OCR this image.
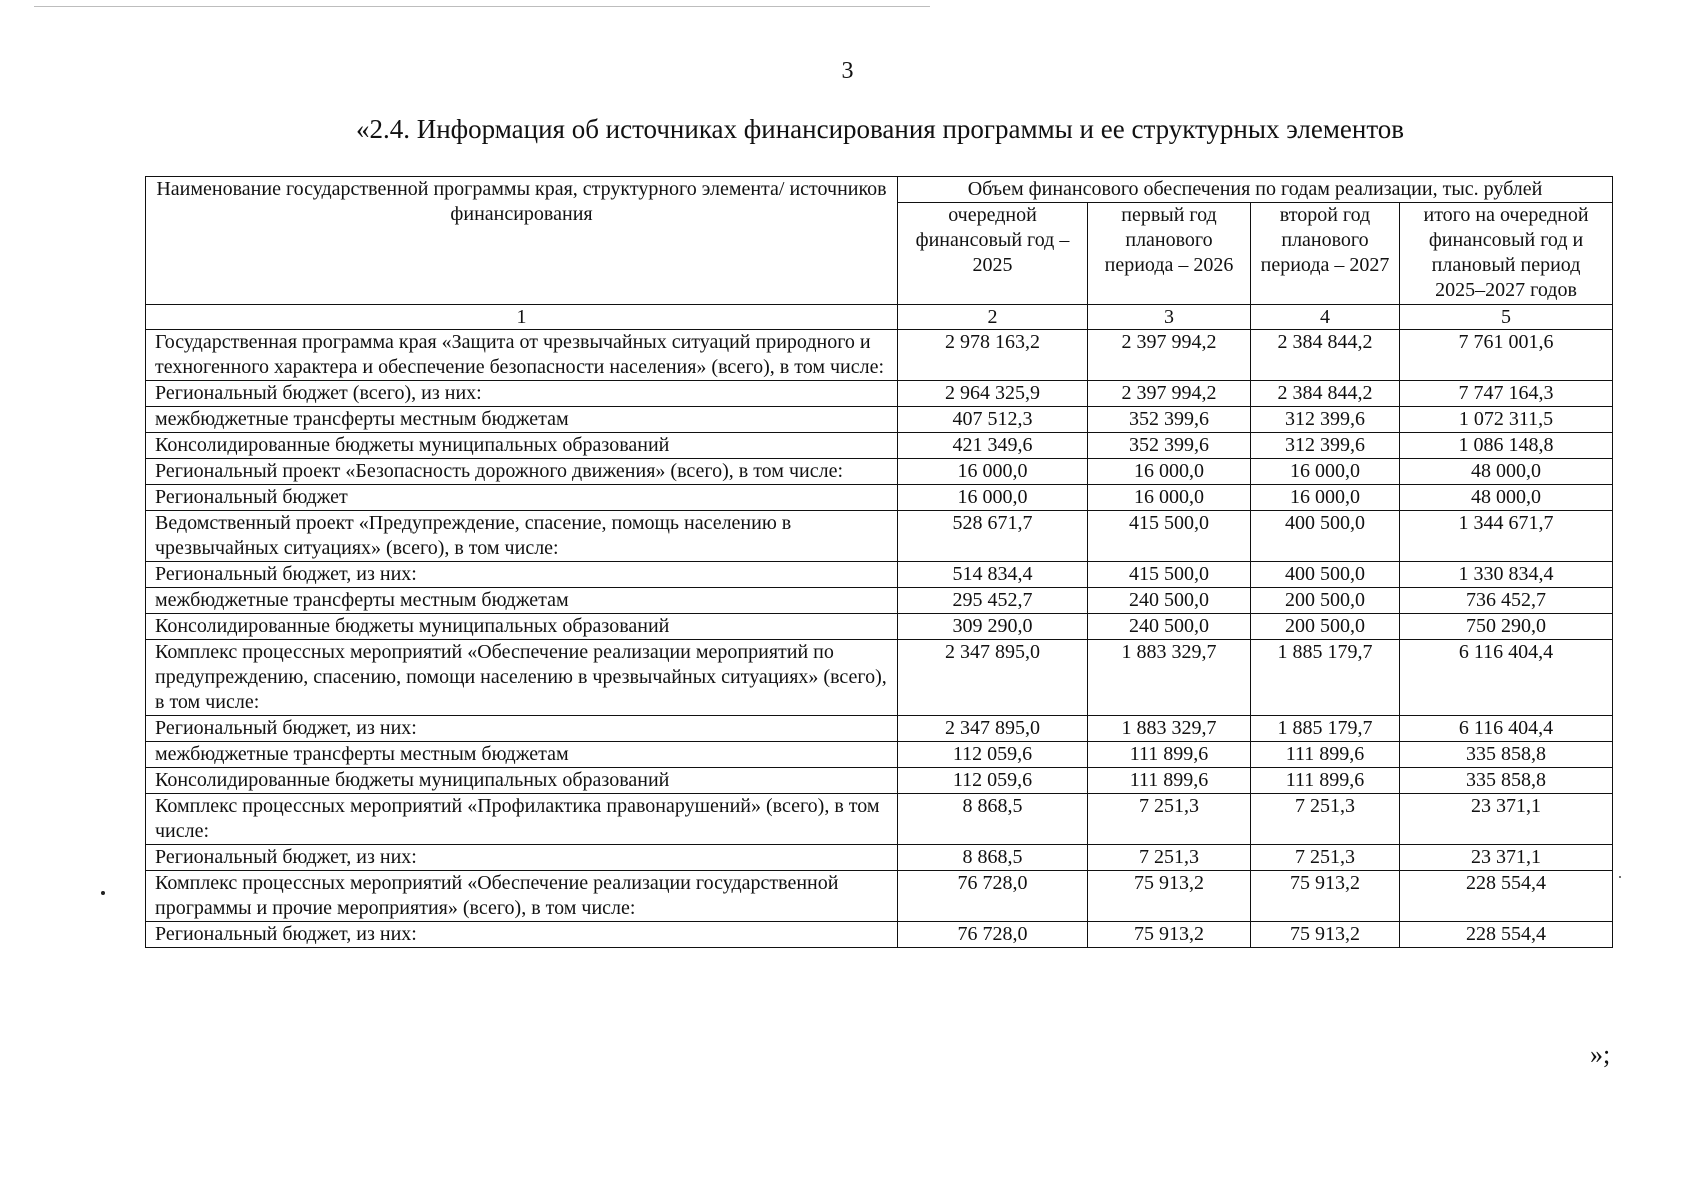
3
«2.4. Информация об источниках финансирования программы и ее структурных элементов
Наименование государственной программы края, структурного элемента/ источников финансирования	Объем финансового обеспечения по годам реализации, тыс. рублей			
	очередной финансовый год – 2025	первый год планового периода – 2026	второй год планового периода – 2027	итого на очередной финансовый год и плановый период 2025–2027 годов
1	2	3	4	5
Государственная программа края «Защита от чрезвычайных ситуаций природного и техногенного характера и обеспечение безопасности населения» (всего), в том числе:	2 978 163,2	2 397 994,2	2 384 844,2	7 761 001,6
Региональный бюджет (всего), из них:	2 964 325,9	2 397 994,2	2 384 844,2	7 747 164,3
межбюджетные трансферты местным бюджетам	407 512,3	352 399,6	312 399,6	1 072 311,5
Консолидированные бюджеты муниципальных образований	421 349,6	352 399,6	312 399,6	1 086 148,8
Региональный проект «Безопасность дорожного движения» (всего), в том числе:	16 000,0	16 000,0	16 000,0	48 000,0
Региональный бюджет	16 000,0	16 000,0	16 000,0	48 000,0
Ведомственный проект «Предупреждение, спасение, помощь населению в чрезвычайных ситуациях» (всего), в том числе:	528 671,7	415 500,0	400 500,0	1 344 671,7
Региональный бюджет, из них:	514 834,4	415 500,0	400 500,0	1 330 834,4
межбюджетные трансферты местным бюджетам	295 452,7	240 500,0	200 500,0	736 452,7
Консолидированные бюджеты муниципальных образований	309 290,0	240 500,0	200 500,0	750 290,0
Комплекс процессных мероприятий «Обеспечение реализации мероприятий по предупреждению, спасению, помощи населению в чрезвычайных ситуациях» (всего), в том числе:	2 347 895,0	1 883 329,7	1 885 179,7	6 116 404,4
Региональный бюджет, из них:	2 347 895,0	1 883 329,7	1 885 179,7	6 116 404,4
межбюджетные трансферты местным бюджетам	112 059,6	111 899,6	111 899,6	335 858,8
Консолидированные бюджеты муниципальных образований	112 059,6	111 899,6	111 899,6	335 858,8
Комплекс процессных мероприятий «Профилактика правонарушений» (всего), в том числе:	8 868,5	7 251,3	7 251,3	23 371,1
Региональный бюджет, из них:	8 868,5	7 251,3	7 251,3	23 371,1
Комплекс процессных мероприятий «Обеспечение реализации государственной программы и прочие мероприятия» (всего), в том числе:	76 728,0	75 913,2	75 913,2	228 554,4
Региональный бюджет, из них:	76 728,0	75 913,2	75 913,2	228 554,4
»;
